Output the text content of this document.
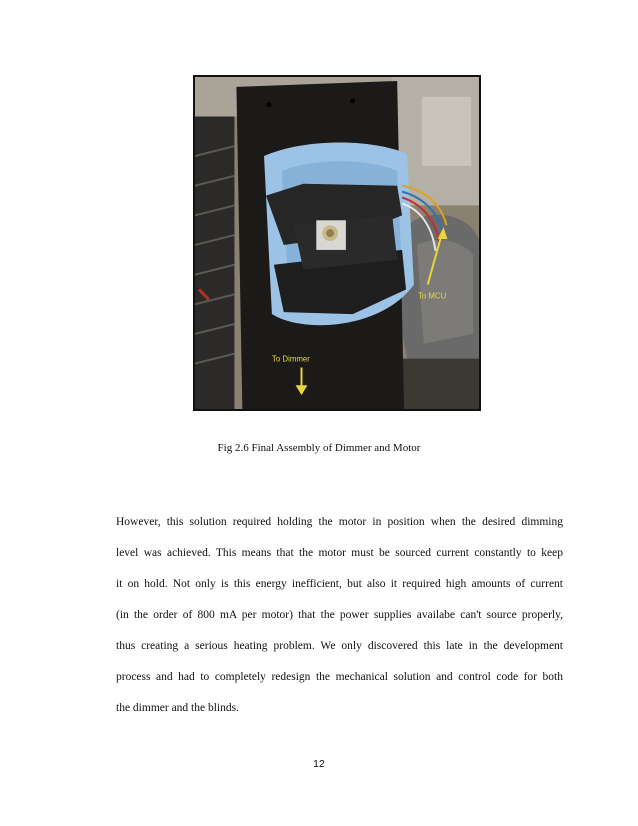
To MCU
To Dimmer
Fig 2.6 Final Assembly of Dimmer and Motor
However, this solution required holding the motor in position when the desired dimming
level was achieved. This means that the motor must be sourced current constantly to keep
it on hold. Not only is this energy inefficient, but also it required high amounts of current
(in the order of 800 mA per motor) that the power supplies availabe can't source properly,
thus creating a serious heating problem. We only discovered this late in the development
process and had to completely redesign the mechanical solution and control code for both
the dimmer and the blinds.
12
